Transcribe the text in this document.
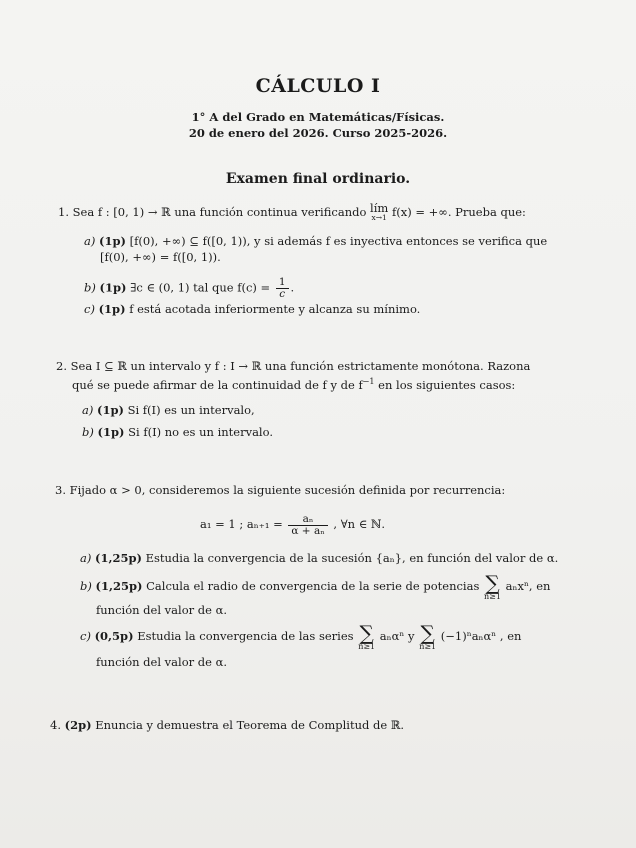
CÁLCULO I
1° A del Grado en Matemáticas/Físicas.
20 de enero del 2026. Curso 2025-2026.
Examen final ordinario.
1. Sea f : [0, 1) → ℝ una función continua verificando lím
x→1 f(x) = +∞. Prueba que:
a) (1p) [f(0), +∞) ⊆ f([0, 1)), y si además f es inyectiva entonces se verifica que
[f(0), +∞) = f([0, 1)).
b) (1p) ∃c ∈ (0, 1) tal que $f(c) = \frac{1}{c}$ .
c) (1p) f está acotada inferiormente y alcanza su mínimo.
2. Sea I ⊆ ℝ un intervalo y f : I → ℝ una función estrictamente monótona. Razona
qué se puede afirmar de la continuidad de f y de $f^{-1}$ en los siguientes casos:
a) (1p) Si f(I) es un intervalo,
b) (1p) Si f(I) no es un intervalo.
3. Fijado α > 0, consideremos la siguiente sucesión definida por recurrencia:
a₁ = 1 ; $a_{n+1} = \frac{\text{aₙ}}{\text{α + aₙ}}$ , ∀n ∈ ℕ.
a) (1,25p) Estudia la convergencia de la sucesión {aₙ}, en función del valor de α.
b) (1,25p) Calcula el radio de convergencia de la serie de potencias ∑
n≥1
aₙxⁿ, en
función del valor de α.
c) (0,5p) Estudia la convergencia de las series ∑
n≥1
aₙαⁿ y ∑
n≥1
(−1)ⁿaₙαⁿ , en
función del valor de α.
4. (2p) Enuncia y demuestra el Teorema de Complitud de ℝ.
